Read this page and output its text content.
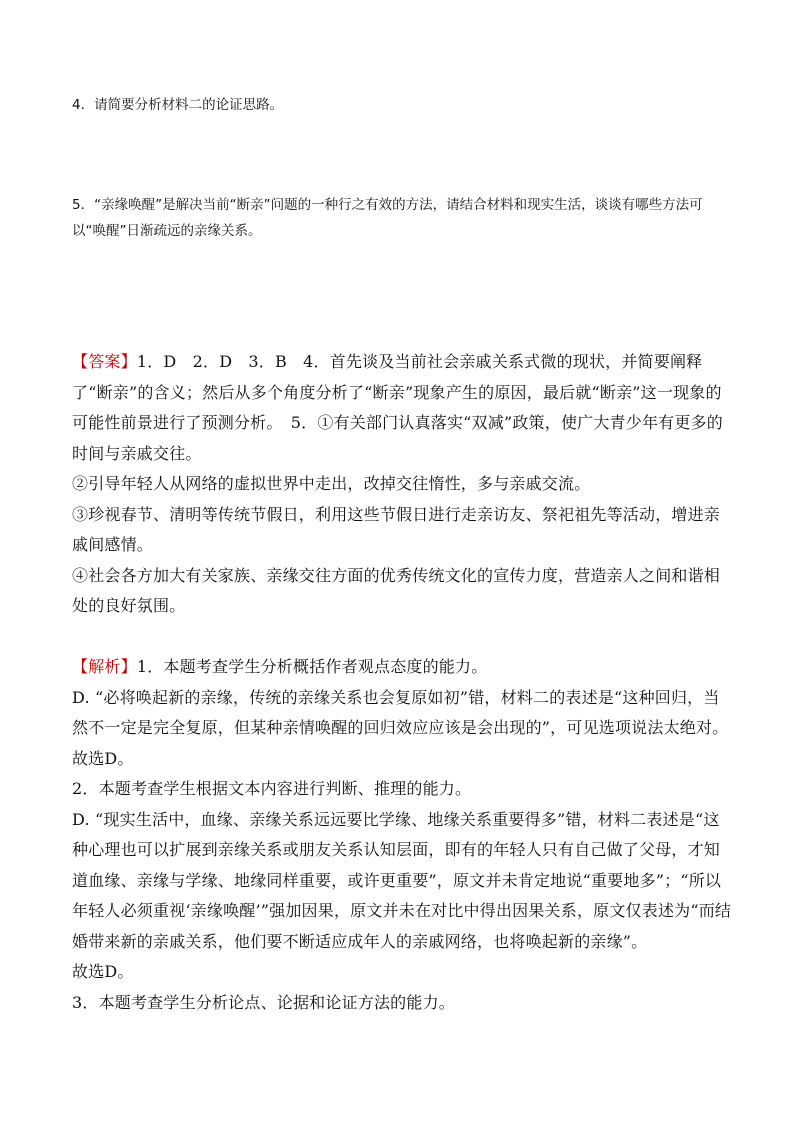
4．请简要分析材料二的论证思路。
5．“亲缘唤醒”是解决当前“断亲”问题的一种行之有效的方法，请结合材料和现实生活，谈谈有哪些方法可以“唤醒”日渐疏远的亲缘关系。

【答案】1．D　2．D　3．B　4．首先谈及当前社会亲戚关系式微的现状，并简要阐释了“断亲”的含义；然后从多个角度分析了“断亲”现象产生的原因，最后就“断亲”这一现象的可能性前景进行了预测分析。　5．①有关部门认真落实“双减”政策，使广大青少年有更多的时间与亲戚交往。

②引导年轻人从网络的虚拟世界中走出，改掉交往惰性，多与亲戚交流。

③珍视春节、清明等传统节假日，利用这些节假日进行走亲访友、祭祀祖先等活动，增进亲戚间感情。

④社会各方加大有关家族、亲缘交往方面的优秀传统文化的宣传力度，营造亲人之间和谐相处的良好氛围。

【解析】1．本题考查学生分析概括作者观点态度的能力。

D. “必将唤起新的亲缘，传统的亲缘关系也会复原如初”错，材料二的表述是“这种回归，当然不一定是完全复原，但某种亲情唤醒的回归效应应该是会出现的”，可见选项说法太绝对。

故选D。

2．本题考查学生根据文本内容进行判断、推理的能力。

D. “现实生活中，血缘、亲缘关系远远要比学缘、地缘关系重要得多”错，材料二表述是“这种心理也可以扩展到亲缘关系或朋友关系认知层面，即有的年轻人只有自己做了父母，才知道血缘、亲缘与学缘、地缘同样重要，或许更重要”，原文并未肯定地说“重要地多”；“所以年轻人必须重视‘亲缘唤醒’”强加因果，原文并未在对比中得出因果关系，原文仅表述为“而结婚带来新的亲戚关系，他们要不断适应成年人的亲戚网络，也将唤起新的亲缘”。

故选D。

3．本题考查学生分析论点、论据和论证方法的能力。
